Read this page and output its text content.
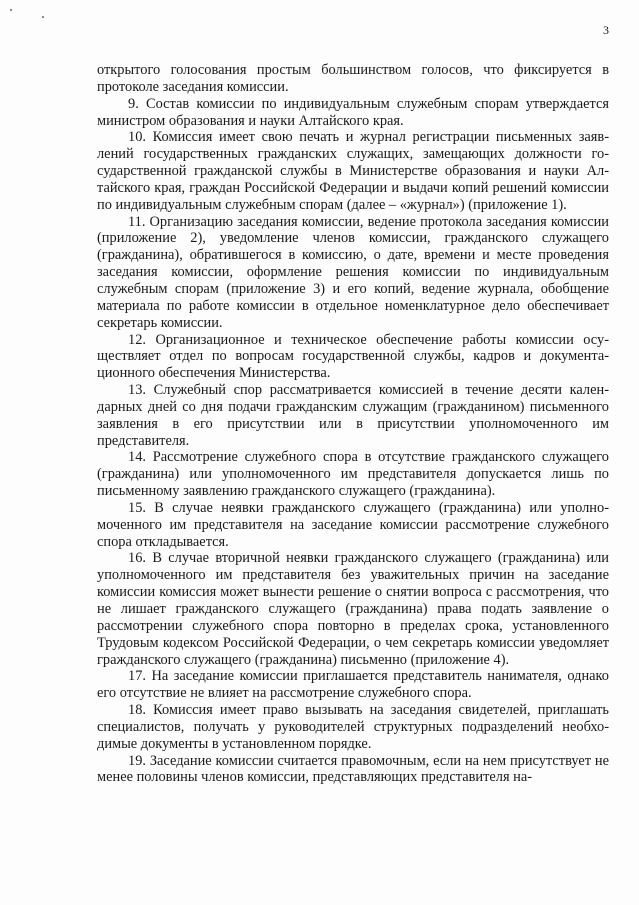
3

открытого голосования простым большинством голосов, что фиксируется в протоколе заседания комиссии.

9. Состав комиссии по индивидуальным служебным спорам утверждается министром образования и науки Алтайского края.

10. Комиссия имеет свою печать и журнал регистрации письменных заявлений государственных гражданских служащих, замещающих должности государственной гражданской службы в Министерстве образования и науки Алтайского края, граждан Российской Федерации и выдачи копий решений комиссии по индивидуальным служебным спорам (далее – «журнал») (приложение 1).

11. Организацию заседания комиссии, ведение протокола заседания комиссии (приложение 2), уведомление членов комиссии, гражданского служащего (гражданина), обратившегося в комиссию, о дате, времени и месте проведения заседания комиссии, оформление решения комиссии по индивидуальным служебным спорам (приложение 3) и его копий, ведение журнала, обобщение материала по работе комиссии в отдельное номенклатурное дело обеспечивает секретарь комиссии.

12. Организационное и техническое обеспечение работы комиссии осуществляет отдел по вопросам государственной службы, кадров и документационного обеспечения Министерства.

13. Служебный спор рассматривается комиссией в течение десяти календарных дней со дня подачи гражданским служащим (гражданином) письменного заявления в его присутствии или в присутствии уполномоченного им представителя.

14. Рассмотрение служебного спора в отсутствие гражданского служащего (гражданина) или уполномоченного им представителя допускается лишь по письменному заявлению гражданского служащего (гражданина).

15. В случае неявки гражданского служащего (гражданина) или уполномоченного им представителя на заседание комиссии рассмотрение служебного спора откладывается.

16. В случае вторичной неявки гражданского служащего (гражданина) или уполномоченного им представителя без уважительных причин на заседание комиссии комиссия может вынести решение о снятии вопроса с рассмотрения, что не лишает гражданского служащего (гражданина) права подать заявление о рассмотрении служебного спора повторно в пределах срока, установленного Трудовым кодексом Российской Федерации, о чем секретарь комиссии уведомляет гражданского служащего (гражданина) письменно (приложение 4).

17. На заседание комиссии приглашается представитель нанимателя, однако его отсутствие не влияет на рассмотрение служебного спора.

18. Комиссия имеет право вызывать на заседания свидетелей, приглашать специалистов, получать у руководителей структурных подразделений необходимые документы в установленном порядке.

19. Заседание комиссии считается правомочным, если на нем присутствует не менее половины членов комиссии, представляющих представителя на-
